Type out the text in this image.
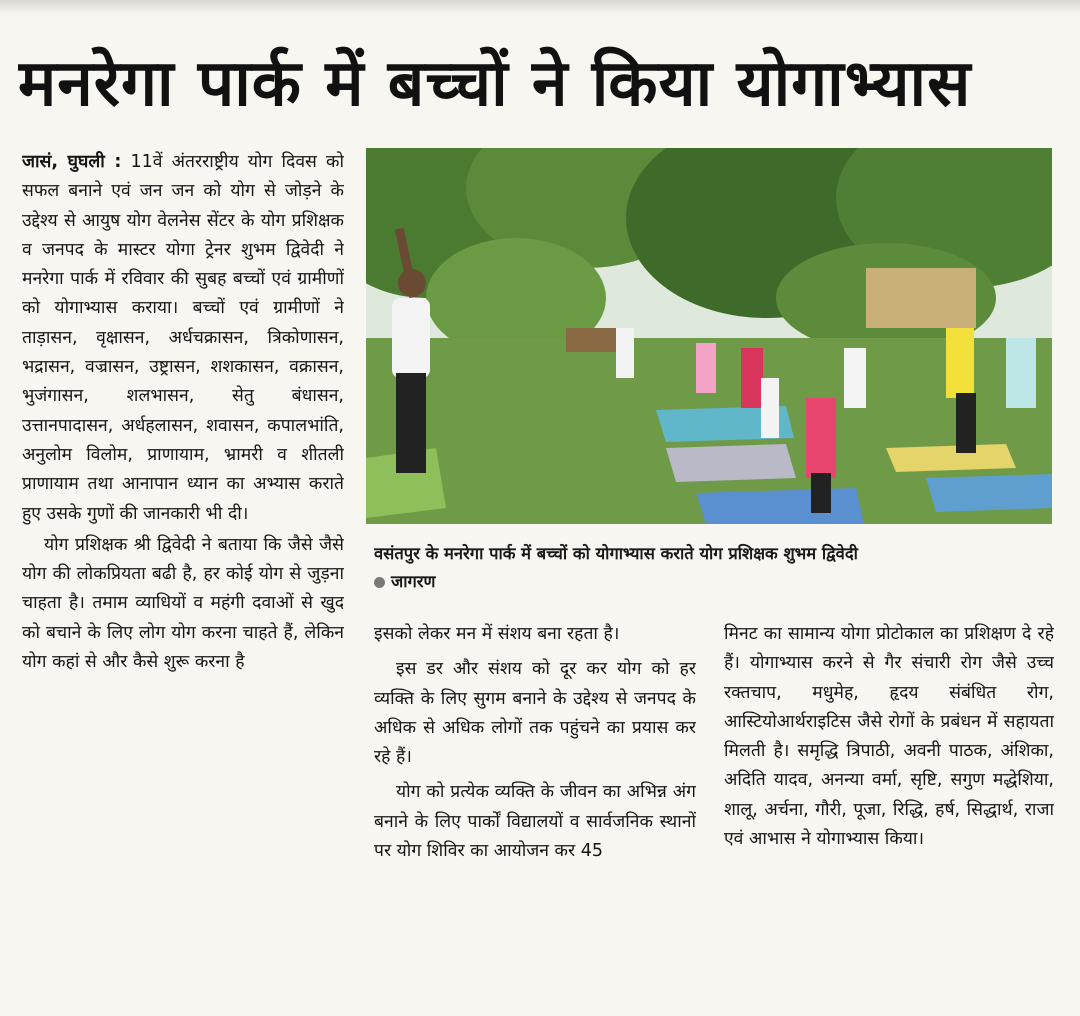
मनरेगा पार्क में बच्चों ने किया योगाभ्यास

जासं, घुघली : 11वें अंतरराष्ट्रीय योग दिवस को सफल बनाने एवं जन जन को योग से जोड़ने के उद्देश्य से आयुष योग वेलनेस सेंटर के योग प्रशिक्षक व जनपद के मास्टर योगा ट्रेनर शुभम द्विवेदी ने मनरेगा पार्क में रविवार की सुबह बच्चों एवं ग्रामीणों को योगाभ्यास कराया। बच्चों एवं ग्रामीणों ने ताड़ासन, वृक्षासन, अर्धचक्रासन, त्रिकोणासन, भद्रासन, वज्रासन, उष्ट्रासन, शशकासन, वक्रासन, भुजंगासन, शलभासन, सेतु बंधासन, उत्तानपादासन, अर्धहलासन, शवासन, कपालभांति, अनुलोम विलोम, प्राणायाम, भ्रामरी व शीतली प्राणायाम तथा आनापान ध्यान का अभ्यास कराते हुए उसके गुणों की जानकारी भी दी।

योग प्रशिक्षक श्री द्विवेदी ने बताया कि जैसे जैसे योग की लोकप्रियता बढी है, हर कोई योग से जुड़ना चाहता है। तमाम व्याधियों व महंगी दवाओं से खुद को बचाने के लिए लोग योग करना चाहते हैं, लेकिन योग कहां से और कैसे शुरू करना है

वसंतपुर के मनरेगा पार्क में बच्चों को योगाभ्यास कराते योग प्रशिक्षक शुभम द्विवेदी
जागरण

इसको लेकर मन में संशय बना रहता है।

इस डर और संशय को दूर कर योग को हर व्यक्ति के लिए सुगम बनाने के उद्देश्य से जनपद के अधिक से अधिक लोगों तक पहुंचने का प्रयास कर रहे हैं।

योग को प्रत्येक व्यक्ति के जीवन का अभिन्न अंग बनाने के लिए पार्कों विद्यालयों व सार्वजनिक स्थानों पर योग शिविर का आयोजन कर 45

मिनट का सामान्य योगा प्रोटोकाल का प्रशिक्षण दे रहे हैं। योगाभ्यास करने से गैर संचारी रोग जैसे उच्च रक्तचाप, मधुमेह, हृदय संबंधित रोग, आस्टियोआर्थराइटिस जैसे रोगों के प्रबंधन में सहायता मिलती है। समृद्धि त्रिपाठी, अवनी पाठक, अंशिका, अदिति यादव, अनन्या वर्मा, सृष्टि, सगुण मद्धेशिया, शालू, अर्चना, गौरी, पूजा, रिद्धि, हर्ष, सिद्धार्थ, राजा एवं आभास ने योगाभ्यास किया।
